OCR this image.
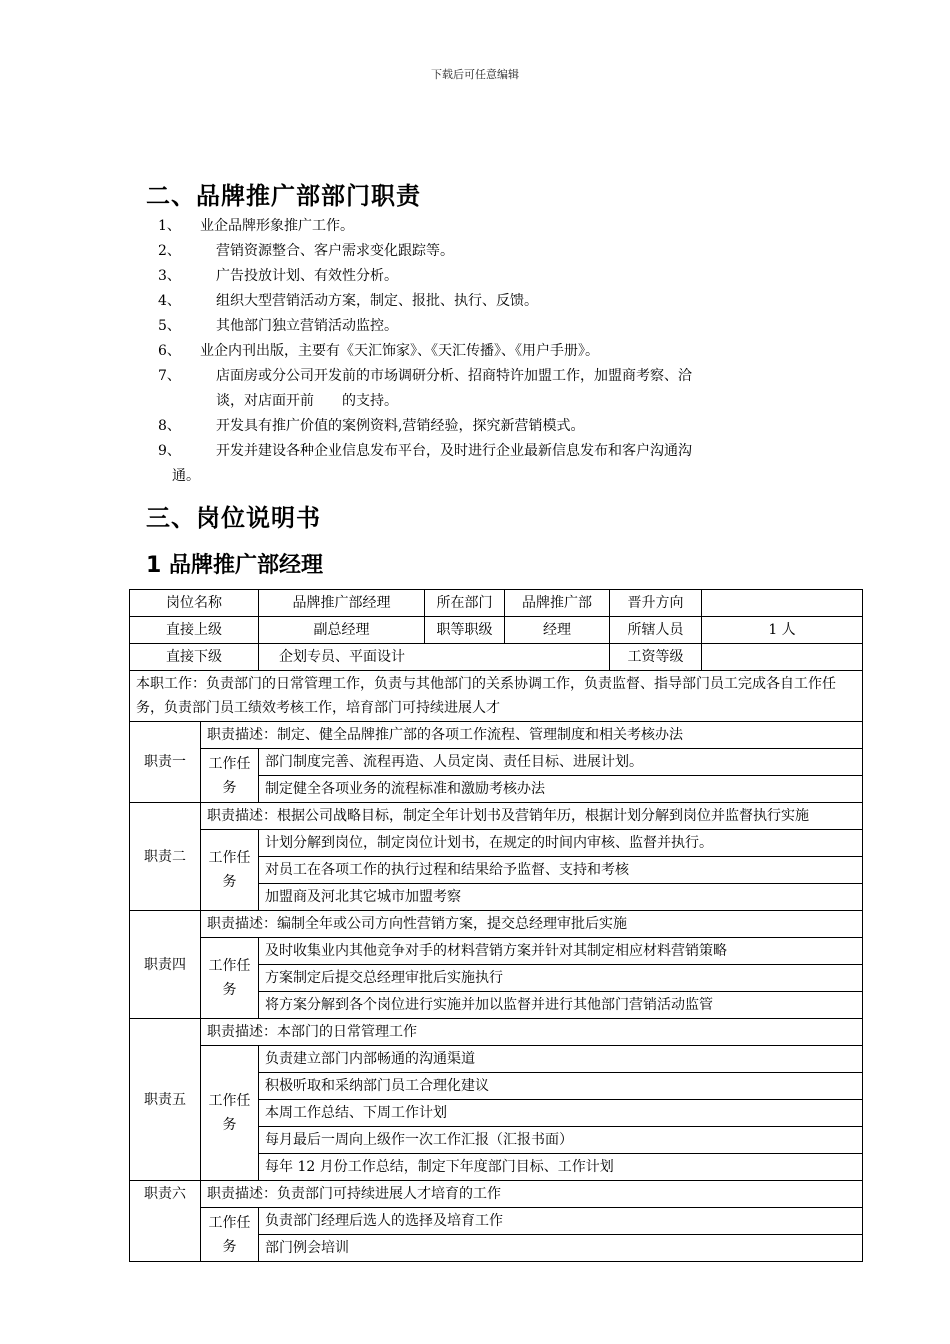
下载后可任意编辑
二、品牌推广部部门职责
1、	业企品牌形象推广工作。
2、	营销资源整合、客户需求变化跟踪等。
3、	广告投放计划、有效性分析。
4、	组织大型营销活动方案，制定、报批、执行、反馈。
5、	其他部门独立营销活动监控。
6、	业企内刊出版，主要有《天汇饰家》、《天汇传播》、《用户手册》。
7、	店面房或分公司开发前的市场调研分析、招商特许加盟工作，加盟商考察、洽
谈，对店面开前　　的支持。
8、	开发具有推广价值的案例资料,营销经验，探究新营销模式。
9、	开发并建设各种企业信息发布平台，及时进行企业最新信息发布和客户沟通沟
通。
三、岗位说明书
1 品牌推广部经理
岗位名称		品牌推广部经理	所在部门	品牌推广部	晋升方向	
直接上级		副总经理	职等职级	经理	所辖人员	1 人
直接下级		企划专员、平面设计			工资等级	
本职工作：负责部门的日常管理工作，负责与其他部门的关系协调工作，负责监督、指导部门员工完成各自工作任务，负责部门员工绩效考核工作，培育部门可持续进展人才						
职责一	职责描述：制定、健全品牌推广部的各项工作流程、管理制度和相关考核办法					
	工作任务	部门制度完善、流程再造、人员定岗、责任目标、进展计划。				
		制定健全各项业务的流程标准和激励考核办法				
职责二	职责描述：根据公司战略目标，制定全年计划书及营销年历，根据计划分解到岗位并监督执行实施					
	工作任务	计划分解到岗位，制定岗位计划书，在规定的时间内审核、监督并执行。				
		对员工在各项工作的执行过程和结果给予监督、支持和考核				
		加盟商及河北其它城市加盟考察				
职责四	职责描述：编制全年或公司方向性营销方案，提交总经理审批后实施					
	工作任务	及时收集业内其他竞争对手的材料营销方案并针对其制定相应材料营销策略				
		方案制定后提交总经理审批后实施执行				
		将方案分解到各个岗位进行实施并加以监督并进行其他部门营销活动监管				
职责五	职责描述：本部门的日常管理工作					
	工作任务	负责建立部门内部畅通的沟通渠道				
		积极听取和采纳部门员工合理化建议				
		本周工作总结、下周工作计划				
		每月最后一周向上级作一次工作汇报（汇报书面）				
		每年 12 月份工作总结，制定下年度部门目标、工作计划				
职责六	职责描述：负责部门可持续进展人才培育的工作					
	工作任务	负责部门经理后选人的选择及培育工作				
		部门例会培训				
